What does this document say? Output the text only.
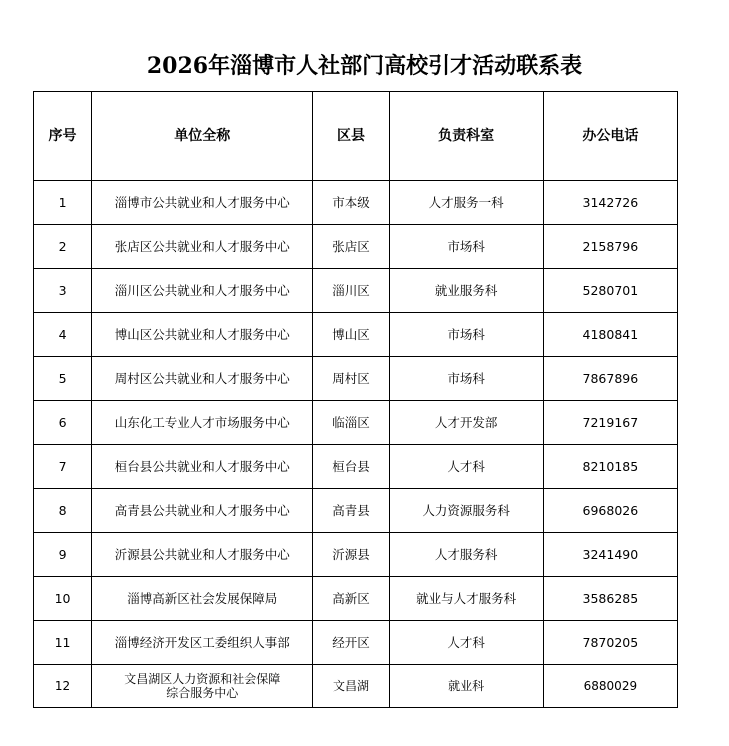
2026年淄博市人社部门高校引才活动联系表
序号	单位全称	区县	负责科室	办公电话
1	淄博市公共就业和人才服务中心	市本级	人才服务一科	3142726
2	张店区公共就业和人才服务中心	张店区	市场科	2158796
3	淄川区公共就业和人才服务中心	淄川区	就业服务科	5280701
4	博山区公共就业和人才服务中心	博山区	市场科	4180841
5	周村区公共就业和人才服务中心	周村区	市场科	7867896
6	山东化工专业人才市场服务中心	临淄区	人才开发部	7219167
7	桓台县公共就业和人才服务中心	桓台县	人才科	8210185
8	高青县公共就业和人才服务中心	高青县	人力资源服务科	6968026
9	沂源县公共就业和人才服务中心	沂源县	人才服务科	3241490
10	淄博高新区社会发展保障局	高新区	就业与人才服务科	3586285
11	淄博经济开发区工委组织人事部	经开区	人才科	7870205
12	文昌湖区人力资源和社会保障
综合服务中心	文昌湖	就业科	6880029
